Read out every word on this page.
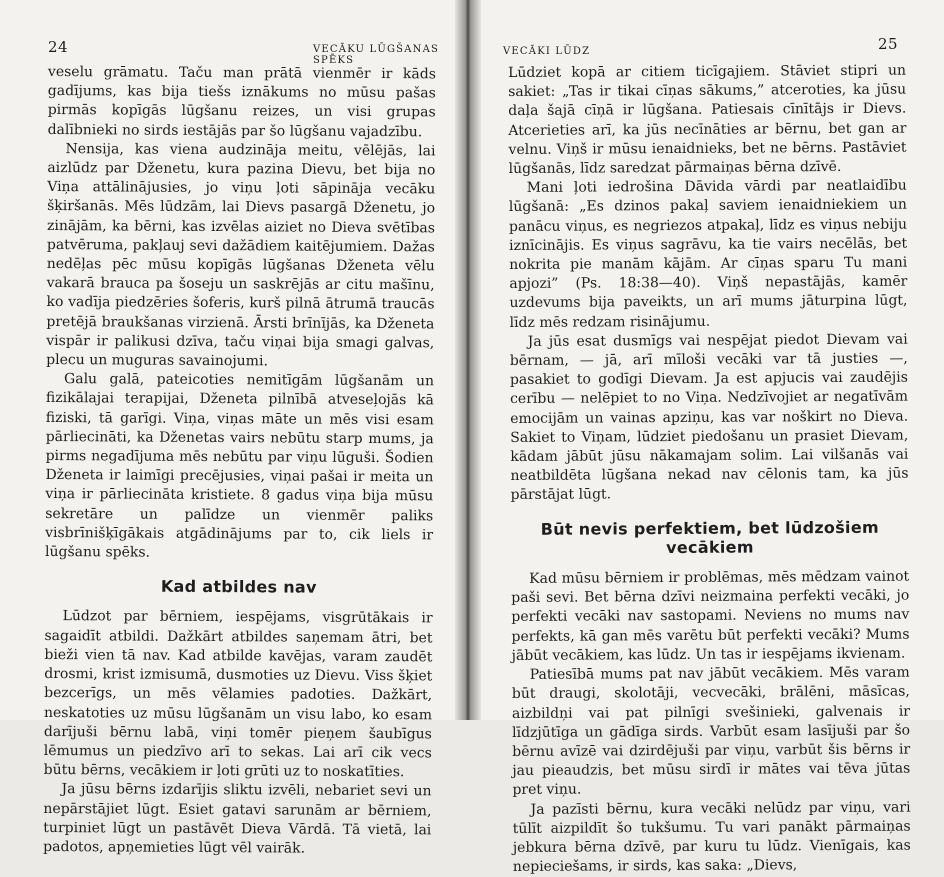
24	VECĀKU LŪGŠANAS SPĒKS

veselu grāmatu. Taču man prātā vienmēr ir kāds gadījums, kas bija tiešs iznākums no mūsu pašas pirmās kopīgās lūgšanu reizes, un visi grupas dalībnieki no sirds iestājās par šo lūgšanu vajadzību.

Nensija, kas viena audzināja meitu, vēlējās, lai aizlūdz par Dženetu, kura pazina Dievu, bet bija no Viņa attālinājusies, jo viņu ļoti sāpināja vecāku šķiršanās. Mēs lūdzām, lai Dievs pasargā Dženetu, jo zinājām, ka bērni, kas izvēlas aiziet no Dieva svētības patvēruma, pakļauj sevi dažādiem kaitējumiem. Dažas nedēļas pēc mūsu kopīgās lūgšanas Dženeta vēlu vakarā brauca pa šoseju un saskrējās ar citu mašīnu, ko vadīja piedzēries šoferis, kurš pilnā ātrumā traucās pretējā braukšanas virzienā. Ārsti brīnījās, ka Dženeta vispār ir palikusi dzīva, taču viņai bija smagi galvas, plecu un muguras savainojumi.

Galu galā, pateicoties nemitīgām lūgšanām un fizikālajai terapijai, Dženeta pilnībā atveseļojās kā fiziski, tā garīgi. Viņa, viņas māte un mēs visi esam pārliecināti, ka Dženetas vairs nebūtu starp mums, ja pirms negadījuma mēs nebūtu par viņu lūguši. Šodien Dženeta ir laimīgi precējusies, viņai pašai ir meita un viņa ir pārliecināta kristiete. 8 gadus viņa bija mūsu sekretāre un palīdze un vienmēr paliks visbrīnišķīgākais atgādinājums par to, cik liels ir lūgšanu spēks.

Kad atbildes nav

Lūdzot par bērniem, iespējams, visgrūtākais ir sagaidīt atbildi. Dažkārt atbildes saņemam ātri, bet bieži vien tā nav. Kad atbilde kavējas, varam zaudēt drosmi, krist izmisumā, dusmoties uz Dievu. Viss šķiet bezcerīgs, un mēs vēlamies padoties. Dažkārt, neskatoties uz mūsu lūgšanām un visu labo, ko esam darījuši bērnu labā, viņi tomēr pieņem šaubīgus lēmumus un piedzīvo arī to sekas. Lai arī cik vecs būtu bērns, vecākiem ir ļoti grūti uz to noskatīties.

Ja jūsu bērns izdarījis sliktu izvēli, nebariet sevi un nepārstājiet lūgt. Esiet gatavi sarunām ar bērniem, turpiniet lūgt un pastāvēt Dieva Vārdā. Tā vietā, lai padotos, apņemieties lūgt vēl vairāk.

25
VECĀKI LŪDZ

Lūdziet kopā ar citiem ticīgajiem. Stāviet stipri un sakiet: „Tas ir tikai cīņas sākums,” atceroties, ka jūsu daļa šajā cīņā ir lūgšana. Patiesais cīnītājs ir Dievs. Atcerieties arī, ka jūs necīnāties ar bērnu, bet gan ar velnu. Viņš ir mūsu ienaidnieks, bet ne bērns. Pastāviet lūgšanās, līdz saredzat pārmaiņas bērna dzīvē.

Mani ļoti iedrošina Dāvida vārdi par neatlaidību lūgšanā: „Es dzinos pakaļ saviem ienaidniekiem un panācu viņus, es negriezos atpakaļ, līdz es viņus nebiju iznīcinājis. Es viņus sagrāvu, ka tie vairs necēlās, bet nokrita pie manām kājām. Ar cīņas sparu Tu mani apjozi” (Ps. 18:38—40). Viņš nepastājās, kamēr uzdevums bija paveikts, un arī mums jāturpina lūgt, līdz mēs redzam risinājumu.

Ja jūs esat dusmīgs vai nespējat piedot Dievam vai bērnam, — jā, arī mīloši vecāki var tā justies —, pasakiet to godīgi Dievam. Ja est apjucis vai zaudējis cerību — nelēpiet to no Viņa. Nedzīvojiet ar negatīvām emocijām un vainas apziņu, kas var noškirt no Dieva. Sakiet to Viņam, lūdziet piedošanu un prasiet Dievam, kādam jābūt jūsu nākamajam solim. Lai vilšanās vai neatbildēta lūgšana nekad nav cēlonis tam, ka jūs pārstājat lūgt.

Būt nevis perfektiem, bet lūdzošiem vecākiem

Kad mūsu bērniem ir problēmas, mēs mēdzam vainot paši sevi. Bet bērna dzīvi neizmaina perfekti vecāki, jo perfekti vecāki nav sastopami. Neviens no mums nav perfekts, kā gan mēs varētu būt perfekti vecāki? Mums jābūt vecākiem, kas lūdz. Un tas ir iespējams ikvienam.

Patiesībā mums pat nav jābūt vecākiem. Mēs varam būt draugi, skolotāji, vecvecāki, brālēni, māsīcas, aizbildņi vai pat pilnīgi svešinieki, galvenais ir līdzjūtīga un gādīga sirds. Varbūt esam lasījuši par šo bērnu avīzē vai dzirdējuši par viņu, varbūt šis bērns ir jau pieaudzis, bet mūsu sirdī ir mātes vai tēva jūtas pret viņu.

Ja pazīsti bērnu, kura vecāki nelūdz par viņu, vari tūlīt aizpildīt šo tukšumu. Tu vari panākt pārmaiņas jebkura bērna dzīvē, par kuru tu lūdz. Vienīgais, kas nepieciešams, ir sirds, kas saka: „Dievs,
